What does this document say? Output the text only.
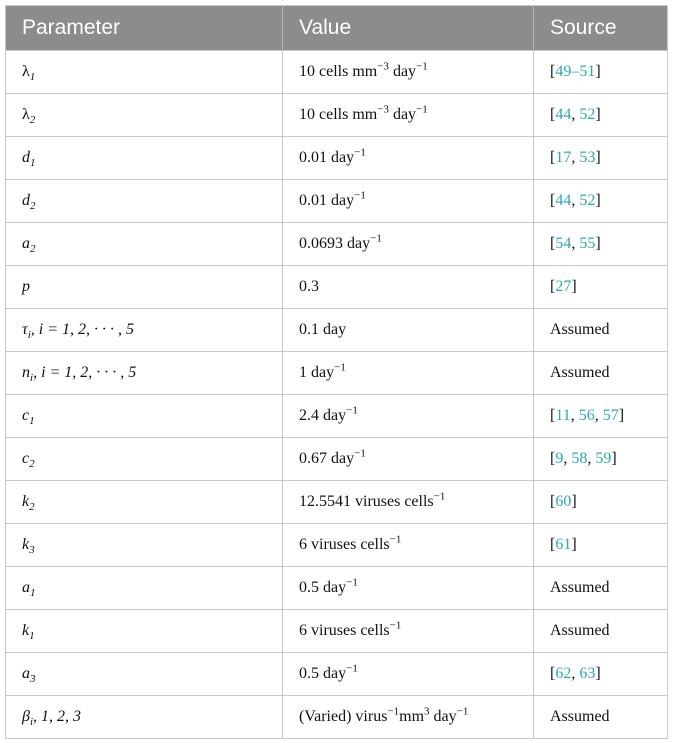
Parameter	Value	Source
$\lambda_1$	10 cells $mm^{-3}$ day$^{-1}$	[49–51]
$\lambda_2$	10 cells $mm^{-3}$ day$^{-1}$	[44, 52]
$d_1$	0.01 day$^{-1}$	[17, 53]
$d_2$	0.01 day$^{-1}$	[44, 52]
$a_2$	0.0693 day$^{-1}$	[54, 55]
p	0.3	[27]
$\tau_i$, i = 1, 2, · · · , 5	0.1 day	Assumed
$n_i$, i = 1, 2, · · · , 5	1 day$^{-1}$	Assumed
$c_1$	2.4 day$^{-1}$	[11, 56, 57]
$c_2$	0.67 day$^{-1}$	[9, 58, 59]
$k_2$	12.5541 viruses cells$^{-1}$	[60]
$k_3$	6 viruses cells$^{-1}$	[61]
$a_1$	0.5 day$^{-1}$	Assumed
$k_1$	6 viruses cells$^{-1}$	Assumed
$a_3$	0.5 day$^{-1}$	[62, 63]
$\beta_i$, 1, 2, 3	(Varied) $virus^{-1}mm^3$ day$^{-1}$	Assumed
